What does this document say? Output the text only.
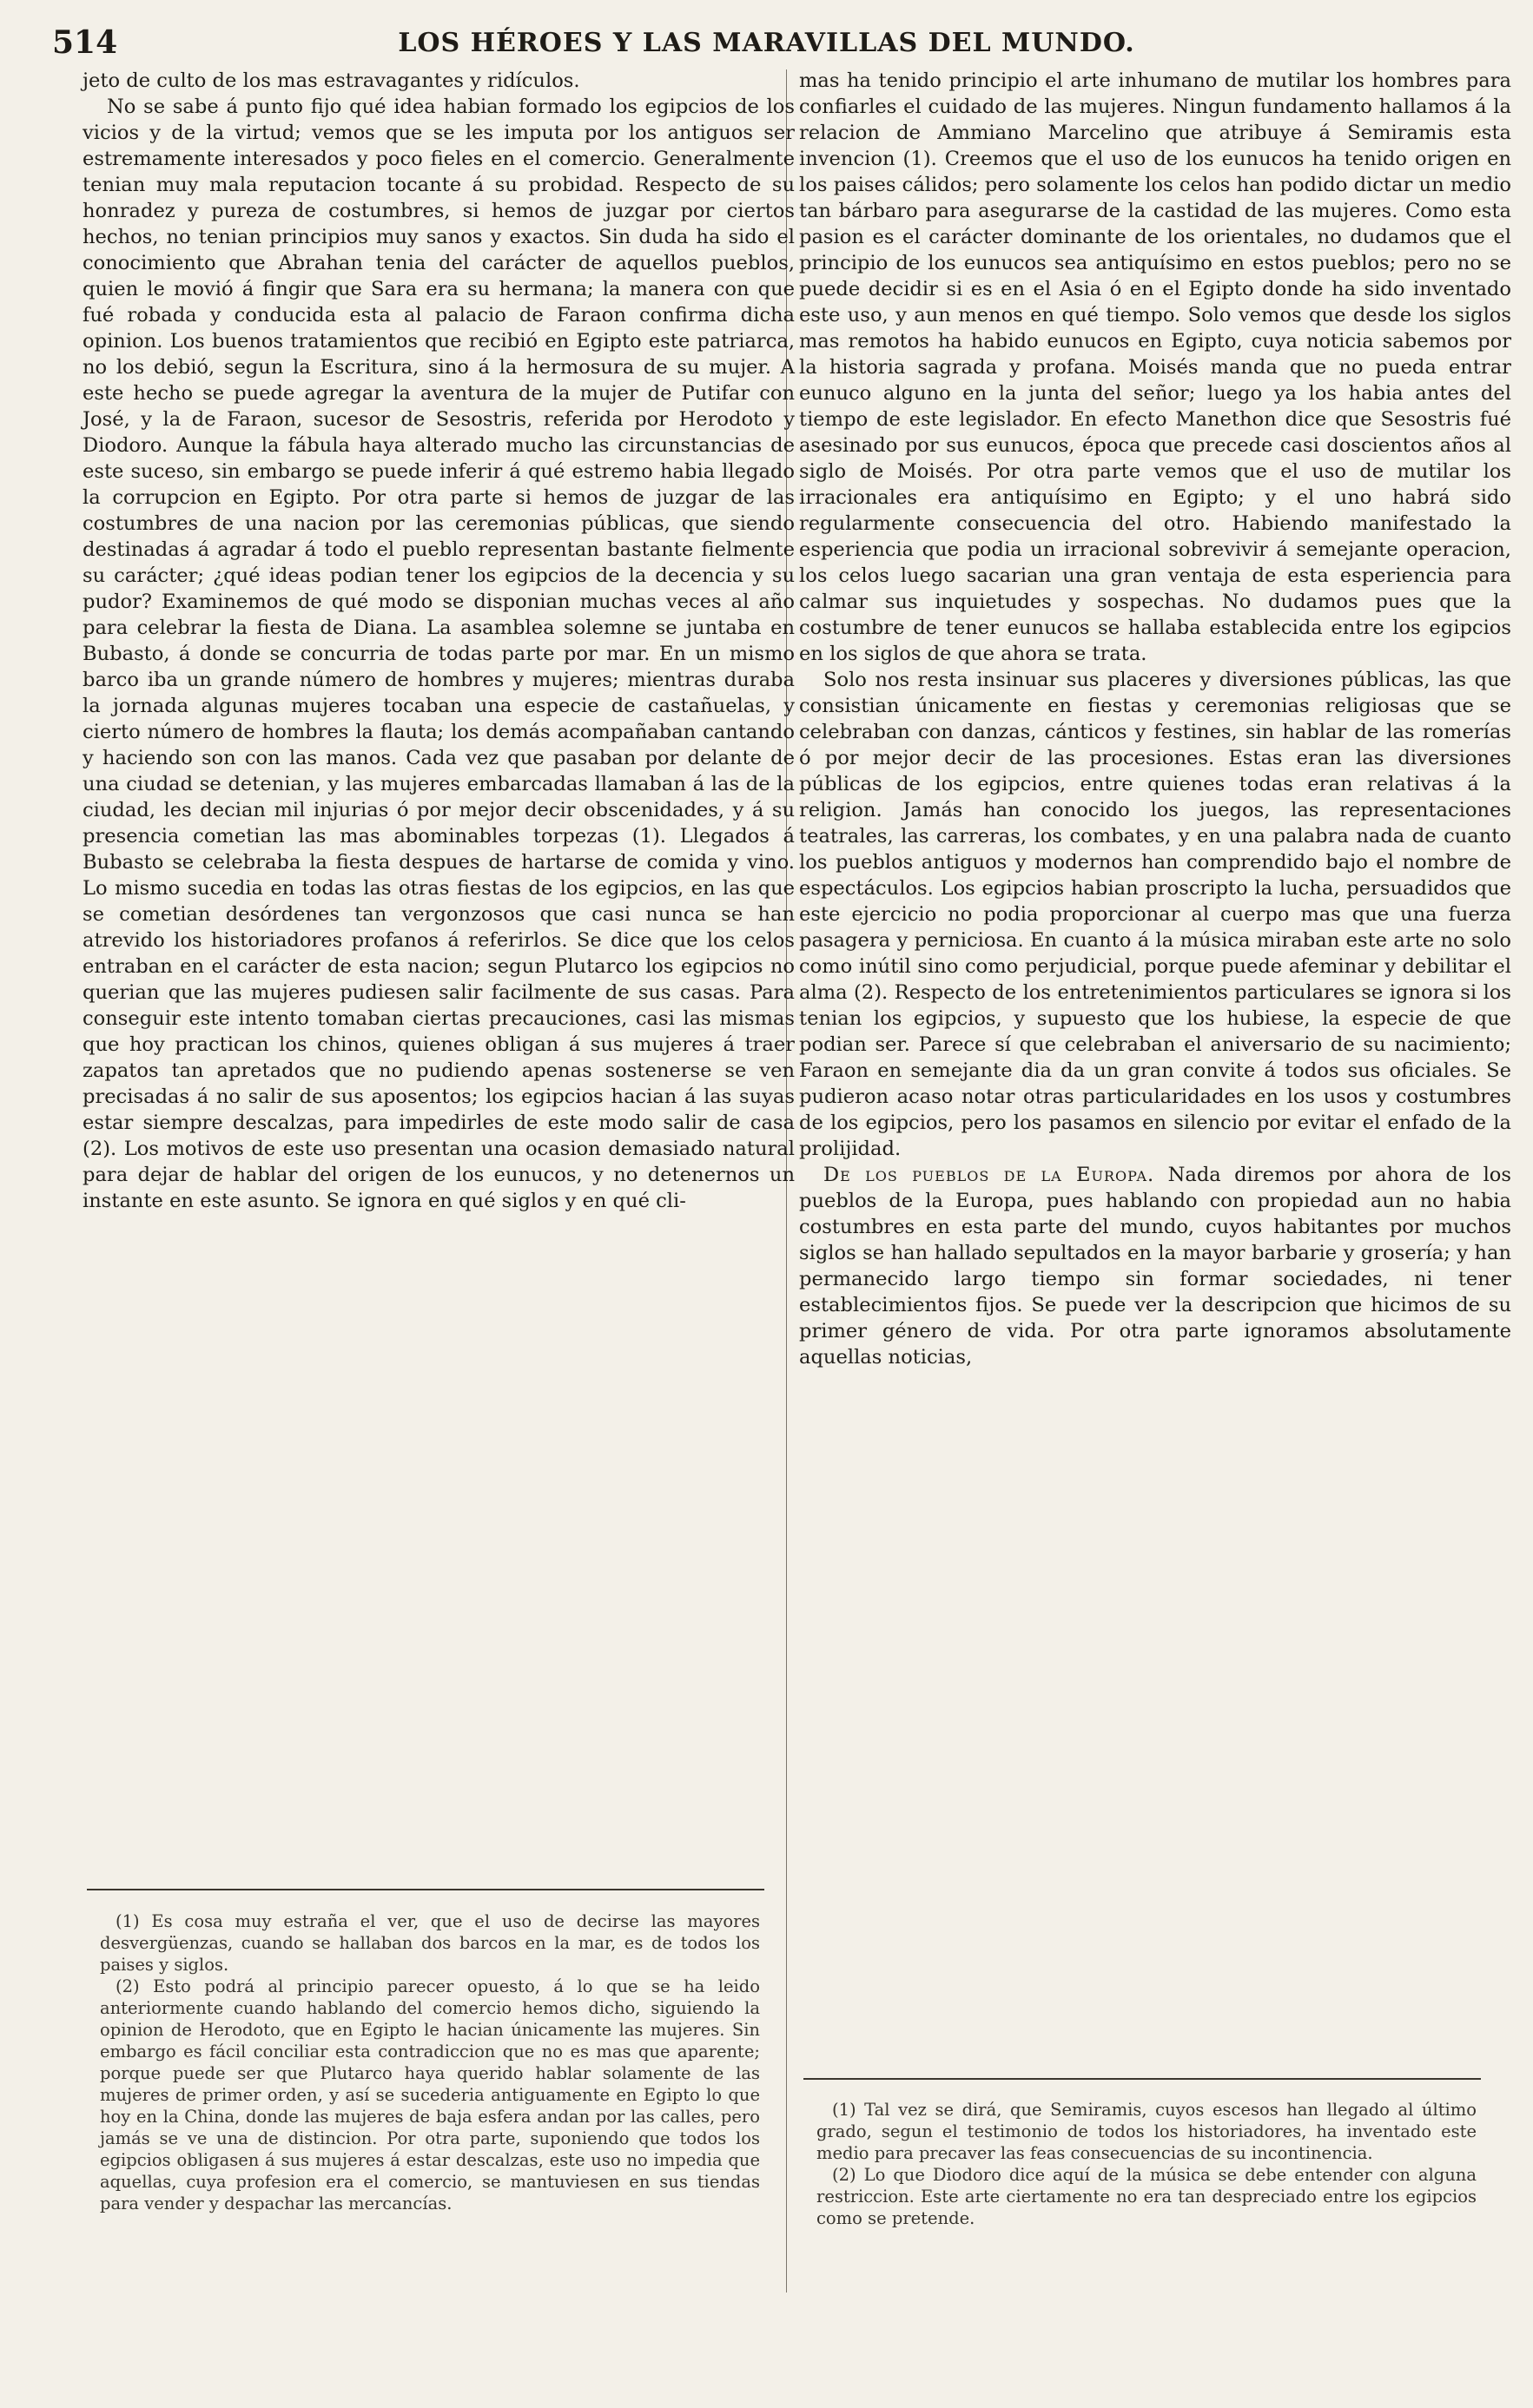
514	LOS HÉROES Y LAS MARAVILLAS DEL MUNDO.

jeto de culto de los mas estravagantes y ridículos.

No se sabe á punto fijo qué idea habian formado los egipcios de los vicios y de la virtud; vemos que se les imputa por los antiguos ser estremamente interesados y poco fieles en el comercio. Generalmente tenian muy mala reputacion tocante á su probidad. Respecto de su honradez y pureza de costumbres, si hemos de juzgar por ciertos hechos, no tenian principios muy sanos y exactos. Sin duda ha sido el conocimiento que Abrahan tenia del carácter de aquellos pueblos, quien le movió á fingir que Sara era su hermana; la manera con que fué robada y conducida esta al palacio de Faraon confirma dicha opinion. Los buenos tratamientos que recibió en Egipto este patriarca, no los debió, segun la Escritura, sino á la hermosura de su mujer. A este hecho se puede agregar la aventura de la mujer de Putifar con José, y la de Faraon, sucesor de Sesostris, referida por Herodoto y Diodoro. Aunque la fábula haya alterado mucho las circunstancias de este suceso, sin embargo se puede inferir á qué estremo habia llegado la corrupcion en Egipto. Por otra parte si hemos de juzgar de las costumbres de una nacion por las ceremonias públicas, que siendo destinadas á agradar á todo el pueblo representan bastante fielmente su carácter; ¿qué ideas podian tener los egipcios de la decencia y su pudor? Examinemos de qué modo se disponian muchas veces al año para celebrar la fiesta de Diana. La asamblea solemne se juntaba en Bubasto, á donde se concurria de todas parte por mar. En un mismo barco iba un grande número de hombres y mujeres; mientras duraba la jornada algunas mujeres tocaban una especie de castañuelas, y cierto número de hombres la flauta; los demás acompañaban cantando y haciendo son con las manos. Cada vez que pasaban por delante de una ciudad se detenian, y las mujeres embarcadas llamaban á las de la ciudad, les decian mil injurias ó por mejor decir obscenidades, y á su presencia cometian las mas abominables torpezas (1). Llegados á Bubasto se celebraba la fiesta despues de hartarse de comida y vino. Lo mismo sucedia en todas las otras fiestas de los egipcios, en las que se cometian desórdenes tan vergonzosos que casi nunca se han atrevido los historiadores profanos á referirlos. Se dice que los celos entraban en el carácter de esta nacion; segun Plutarco los egipcios no querian que las mujeres pudiesen salir facilmente de sus casas. Para conseguir este intento tomaban ciertas precauciones, casi las mismas que hoy practican los chinos, quienes obligan á sus mujeres á traer zapatos tan apretados que no pudiendo apenas sostenerse se ven precisadas á no salir de sus aposentos; los egipcios hacian á las suyas estar siempre descalzas, para impedirles de este modo salir de casa (2). Los motivos de este uso presentan una ocasion demasiado natural para dejar de hablar del origen de los eunucos, y no detenernos un instante en este asunto. Se ignora en qué siglos y en qué cli-

mas ha tenido principio el arte inhumano de mutilar los hombres para confiarles el cuidado de las mujeres. Ningun fundamento hallamos á la relacion de Ammiano Marcelino que atribuye á Semiramis esta invencion (1). Creemos que el uso de los eunucos ha tenido origen en los paises cálidos; pero solamente los celos han podido dictar un medio tan bárbaro para asegurarse de la castidad de las mujeres. Como esta pasion es el carácter dominante de los orientales, no dudamos que el principio de los eunucos sea antiquísimo en estos pueblos; pero no se puede decidir si es en el Asia ó en el Egipto donde ha sido inventado este uso, y aun menos en qué tiempo. Solo vemos que desde los siglos mas remotos ha habido eunucos en Egipto, cuya noticia sabemos por la historia sagrada y profana. Moisés manda que no pueda entrar eunuco alguno en la junta del señor; luego ya los habia antes del tiempo de este legislador. En efecto Manethon dice que Sesostris fué asesinado por sus eunucos, época que precede casi doscientos años al siglo de Moisés. Por otra parte vemos que el uso de mutilar los irracionales era antiquísimo en Egipto; y el uno habrá sido regularmente consecuencia del otro. Habiendo manifestado la esperiencia que podia un irracional sobrevivir á semejante operacion, los celos luego sacarian una gran ventaja de esta esperiencia para calmar sus inquietudes y sospechas. No dudamos pues que la costumbre de tener eunucos se hallaba establecida entre los egipcios en los siglos de que ahora se trata.

Solo nos resta insinuar sus placeres y diversiones públicas, las que consistian únicamente en fiestas y ceremonias religiosas que se celebraban con danzas, cánticos y festines, sin hablar de las romerías ó por mejor decir de las procesiones. Estas eran las diversiones públicas de los egipcios, entre quienes todas eran relativas á la religion. Jamás han conocido los juegos, las representaciones teatrales, las carreras, los combates, y en una palabra nada de cuanto los pueblos antiguos y modernos han comprendido bajo el nombre de espectáculos. Los egipcios habian proscripto la lucha, persuadidos que este ejercicio no podia proporcionar al cuerpo mas que una fuerza pasagera y perniciosa. En cuanto á la música miraban este arte no solo como inútil sino como perjudicial, porque puede afeminar y debilitar el alma (2). Respecto de los entretenimientos particulares se ignora si los tenian los egipcios, y supuesto que los hubiese, la especie de que podian ser. Parece sí que celebraban el aniversario de su nacimiento; Faraon en semejante dia da un gran convite á todos sus oficiales. Se pudieron acaso notar otras particularidades en los usos y costumbres de los egipcios, pero los pasamos en silencio por evitar el enfado de la prolijidad.

De los pueblos de la Europa. Nada diremos por ahora de los pueblos de la Europa, pues hablando con propiedad aun no habia costumbres en esta parte del mundo, cuyos habitantes por muchos siglos se han hallado sepultados en la mayor barbarie y grosería; y han permanecido largo tiempo sin formar sociedades, ni tener establecimientos fijos. Se puede ver la descripcion que hicimos de su primer género de vida. Por otra parte ignoramos absolutamente aquellas noticias,

(1) Es cosa muy estraña el ver, que el uso de decirse las mayores desvergüenzas, cuando se hallaban dos barcos en la mar, es de todos los paises y siglos.

(2) Esto podrá al principio parecer opuesto, á lo que se ha leido anteriormente cuando hablando del comercio hemos dicho, siguiendo la opinion de Herodoto, que en Egipto le hacian únicamente las mujeres. Sin embargo es fácil conciliar esta contradiccion que no es mas que aparente; porque puede ser que Plutarco haya querido hablar solamente de las mujeres de primer orden, y así se sucederia antiguamente en Egipto lo que hoy en la China, donde las mujeres de baja esfera andan por las calles, pero jamás se ve una de distincion. Por otra parte, suponiendo que todos los egipcios obligasen á sus mujeres á estar descalzas, este uso no impedia que aquellas, cuya profesion era el comercio, se mantuviesen en sus tiendas para vender y despachar las mercancías.

(1) Tal vez se dirá, que Semiramis, cuyos escesos han llegado al último grado, segun el testimonio de todos los historiadores, ha inventado este medio para precaver las feas consecuencias de su incontinencia.

(2) Lo que Diodoro dice aquí de la música se debe entender con alguna restriccion. Este arte ciertamente no era tan despreciado entre los egipcios como se pretende.
